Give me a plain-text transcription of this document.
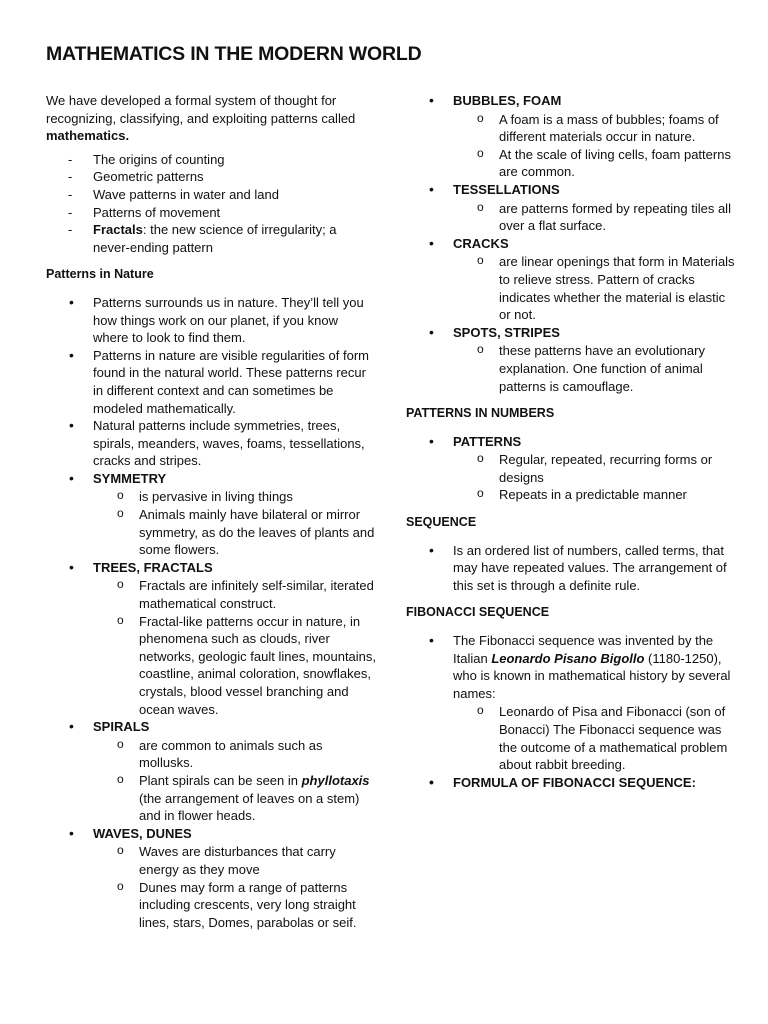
MATHEMATICS IN THE MODERN WORLD

We have developed a formal system of thought for recognizing, classifying, and exploiting patterns called mathematics.

- The origins of counting
- Geometric patterns
- Wave patterns in water and land
- Patterns of movement
- Fractals: the new science of irregularity; a never-ending pattern
Patterns in Nature
• Patterns surrounds us in nature. They’ll tell you how things work on our planet, if you know where to look to find them.
• Patterns in nature are visible regularities of form found in the natural world. These patterns recur in different context and can sometimes be modeled mathematically.
• Natural patterns include symmetries, trees, spirals, meanders, waves, foams, tessellations, cracks and stripes.
• SYMMETRY
o is pervasive in living things
o Animals mainly have bilateral or mirror symmetry, as do the leaves of plants and some flowers.
• TREES, FRACTALS
o Fractals are infinitely self-similar, iterated mathematical construct.
o Fractal-like patterns occur in nature, in phenomena such as clouds, river networks, geologic fault lines, mountains, coastline, animal coloration, snowflakes, crystals, blood vessel branching and ocean waves.
• SPIRALS
o are common to animals such as mollusks.
o Plant spirals can be seen in phyllotaxis (the arrangement of leaves on a stem) and in flower heads.
• WAVES, DUNES
o Waves are disturbances that carry energy as they move
o Dunes may form a range of patterns including crescents, very long straight lines, stars, Domes, parabolas or seif.
• BUBBLES, FOAM
o A foam is a mass of bubbles; foams of different materials occur in nature.
o At the scale of living cells, foam patterns are common.
• TESSELLATIONS
o are patterns formed by repeating tiles all over a flat surface.
• CRACKS
o are linear openings that form in Materials to relieve stress. Pattern of cracks indicates whether the material is elastic or not.
• SPOTS, STRIPES
o these patterns have an evolutionary explanation. One function of animal patterns is camouflage.
PATTERNS IN NUMBERS
• PATTERNS
o Regular, repeated, recurring forms or designs
o Repeats in a predictable manner
SEQUENCE
• Is an ordered list of numbers, called terms, that may have repeated values. The arrangement of this set is through a definite rule.
FIBONACCI SEQUENCE
• The Fibonacci sequence was invented by the Italian Leonardo Pisano Bigollo (1180-1250), who is known in mathematical history by several names:
o Leonardo of Pisa and Fibonacci (son of Bonacci) The Fibonacci sequence was the outcome of a mathematical problem about rabbit breeding.
• FORMULA OF FIBONACCI SEQUENCE:
